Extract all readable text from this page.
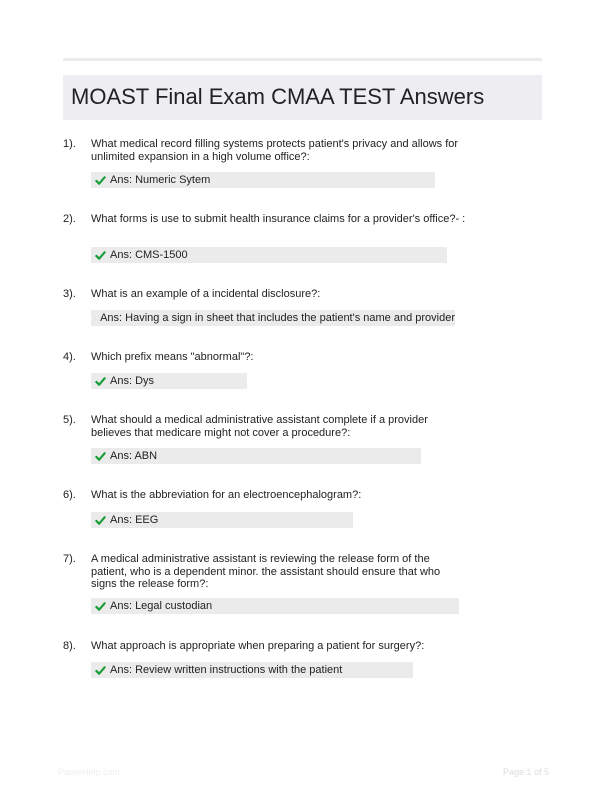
MOAST Final Exam CMAA TEST Answers
1). What medical record filling systems protects patient's privacy and allows for unlimited expansion in a high volume office?:
Ans: Numeric Sytem
2). What forms is use to submit health insurance claims for a provider's office?- :
Ans: CMS-1500
3). What is an example of a incidental disclosure?:
Ans: Having a sign in sheet that includes the patient's name and provider
4). Which prefix means "abnormal"?:
Ans: Dys
5). What should a medical administrative assistant complete if a provider believes that medicare might not cover a procedure?:
Ans: ABN
6). What is the abbreviation for an electroencephalogram?:
Ans: EEG
7). A medical administrative assistant is reviewing the release form of the patient, who is a dependent minor. the assistant should ensure that who signs the release form?:
Ans: Legal custodian
8). What approach is appropriate when preparing a patient for surgery?:
Ans: Review written instructions with the patient
PaperHelp.com	Page 1 of 5
